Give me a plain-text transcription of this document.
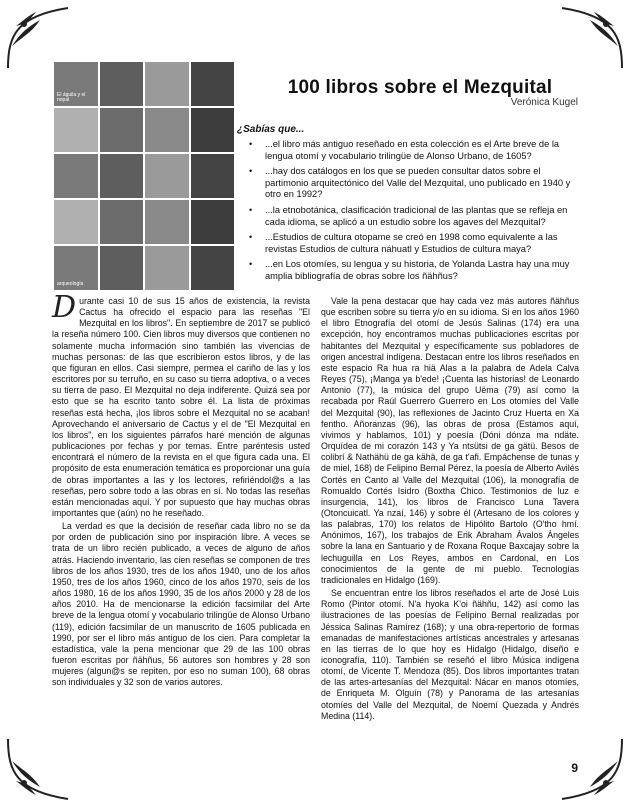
El águila y el nopal
arqueología
100 libros sobre el Mezquital
Verónica Kugel
¿Sabías que...
• ...el libro más antiguo reseñado en esta colección es el Arte breve de la lengua otomí y vocabulario trilingüe de Alonso Urbano, de 1605?
• ...hay dos catálogos en los que se pueden consultar datos sobre el partimonio arquitectónico del Valle del Mezquital, uno publicado en 1940 y otro en 1992?
• ...la etnobotánica, clasificación tradicional de las plantas que se refleja en cada idioma, se aplicó a un estudio sobre los agaves del Mezquital?
• ...Estudios de cultura otopame se creó en 1998 como equivalente a las revistas Estudios de cultura náhuatl y Estudios de cultura maya?
• ...en Los otomíes, su lengua y su historia, de Yolanda Lastra hay una muy amplia bibliografía de obras sobre los ñähñus?

Durante casi 10 de sus 15 años de existencia, la revista Cactus ha ofrecido el espacio para las reseñas "El Mezquital en los libros". En septiembre de 2017 se publicó la reseña número 100. Cien libros muy diversos que contienen no solamente mucha información sino también las vivencias de muchas personas: de las que escribieron estos libros, y de las que figuran en ellos. Casi siempre, permea el cariño de las y los escritores por su terruño, en su caso su tierra adoptiva, o a veces su tierra de paso. El Mezquital no deja indiferente. Quizá sea por esto que se ha escrito tanto sobre él. La lista de próximas reseñas está hecha, ¡los libros sobre el Mezquital no se acaban! Aprovechando el aniversario de Cactus y el de "El Mezquital en los libros", en los siguientes párrafos haré mención de algunas publicaciones por fechas y por temas. Entre paréntesis usted encontrará el número de la revista en el que figura cada una. El propósito de esta enumeración temática es proporcionar una guía de obras importantes a las y los lectores, refiriéndol@s a las reseñas, pero sobre todo a las obras en sí. No todas las reseñas están mencionadas aquí. Y por supuesto que hay muchas obras importantes que (aún) no he reseñado.

La verdad es que la decisión de reseñar cada libro no se da por orden de publicación sino por inspiración libre. A veces se trata de un libro recién publicado, a veces de alguno de años atrás. Haciendo inventario, las cien reseñas se componen de tres libros de los años 1930, tres de los años 1940, uno de los años 1950, tres de los años 1960, cinco de los años 1970, seis de los años 1980, 16 de los años 1990, 35 de los años 2000 y 28 de los años 2010. Ha de mencionarse la edición facsimilar del Arte breve de la lengua otomí y vocabulario trilingüe de Alonso Urbano (119), edición facsimilar de un manuscrito de 1605 publicada en 1990, por ser el libro más antiguo de los cien. Para completar la estadística, vale la pena mencionar que 29 de las 100 obras fueron escritas por ñähñus, 56 autores son hombres y 28 son mujeres (algun@s se repiten, por eso no suman 100), 68 obras son individuales y 32 son de varios autores.

Vale la pena destacar que hay cada vez más autores ñähñus que escriben sobre su tierra y/o en su idioma. Si en los años 1960 el libro Etnografía del otomí de Jesús Salinas (174) era una excepción, hoy encontramos muchas publicaciones escritas por habitantes del Mezquital y específicamente sus pobladores de origen ancestral indígena. Destacan entre los libros reseñados en este espacio Ra hua ra hiä Alas a la palabra de Adela Calva Reyes (75), ¡Manga ya b'ede! ¡Cuenta las historias! de Leonardo Antonio (77), la música del grupo Uëma (79) así como la recabada por Raúl Guerrero Guerrero en Los otomíes del Valle del Mezquital (90), las reflexiones de Jacinto Cruz Huerta en Xa fentho. Añoranzas (96), las obras de prosa (Estamos aquí, vivimos y hablamos, 101) y poesía (Dóni dónza ma ndäte. Orquídea de mi corazón 143 y Ya ntsütsi de ga gätü. Besos de colibrí & Nathähü de ga kähä, de ga t'afi. Empáchense de tunas y de miel, 168) de Felipino Bernal Pérez, la poesía de Alberto Avilés Cortés en Canto al Valle del Mezquital (106), la monografía de Romualdo Cortés Isidro (Boxtha Chico. Testimonios de luz e insurgencia, 141), los libros de Francisco Luna Tavera (Otoncuicatl. Ya nzaí, 146) y sobre él (Artesano de los colores y las palabras, 170) los relatos de Hipólito Bartolo (O'tho hmí. Anónimos, 167), los trabajos de Erik Abraham Ávalos Ángeles sobre la lana en Santuario y de Roxana Roque Baxcajay sobre la lechuguilla en Los Reyes, ambos en Cardonal, en Los conocimientos de la gente de mi pueblo. Tecnologías tradicionales en Hidalgo (169).

Se encuentran entre los libros reseñados el arte de José Luis Romo (Pintor otomí. N'a hyoka K'oi ñähñu, 142) así como las ilustraciones de las poesías de Felipino Bernal realizadas por Jéssica Salinas Ramírez (168); y una obra-repertorio de formas emanadas de manifestaciones artísticas ancestrales y artesanas en las tierras de lo que hoy es Hidalgo (Hidalgo, diseño e iconografía, 110). También se reseñó el libro Música indígena otomí, de Vicente T. Mendoza (85). Dos libros importantes tratan de las artes-artesanías del Mezquital: Nácar en manos otomíes, de Enriqueta M. Olguín (78) y Panorama de las artesanías otomíes del Valle del Mezquital, de Noemí Quezada y Andrés Medina (114).

9
